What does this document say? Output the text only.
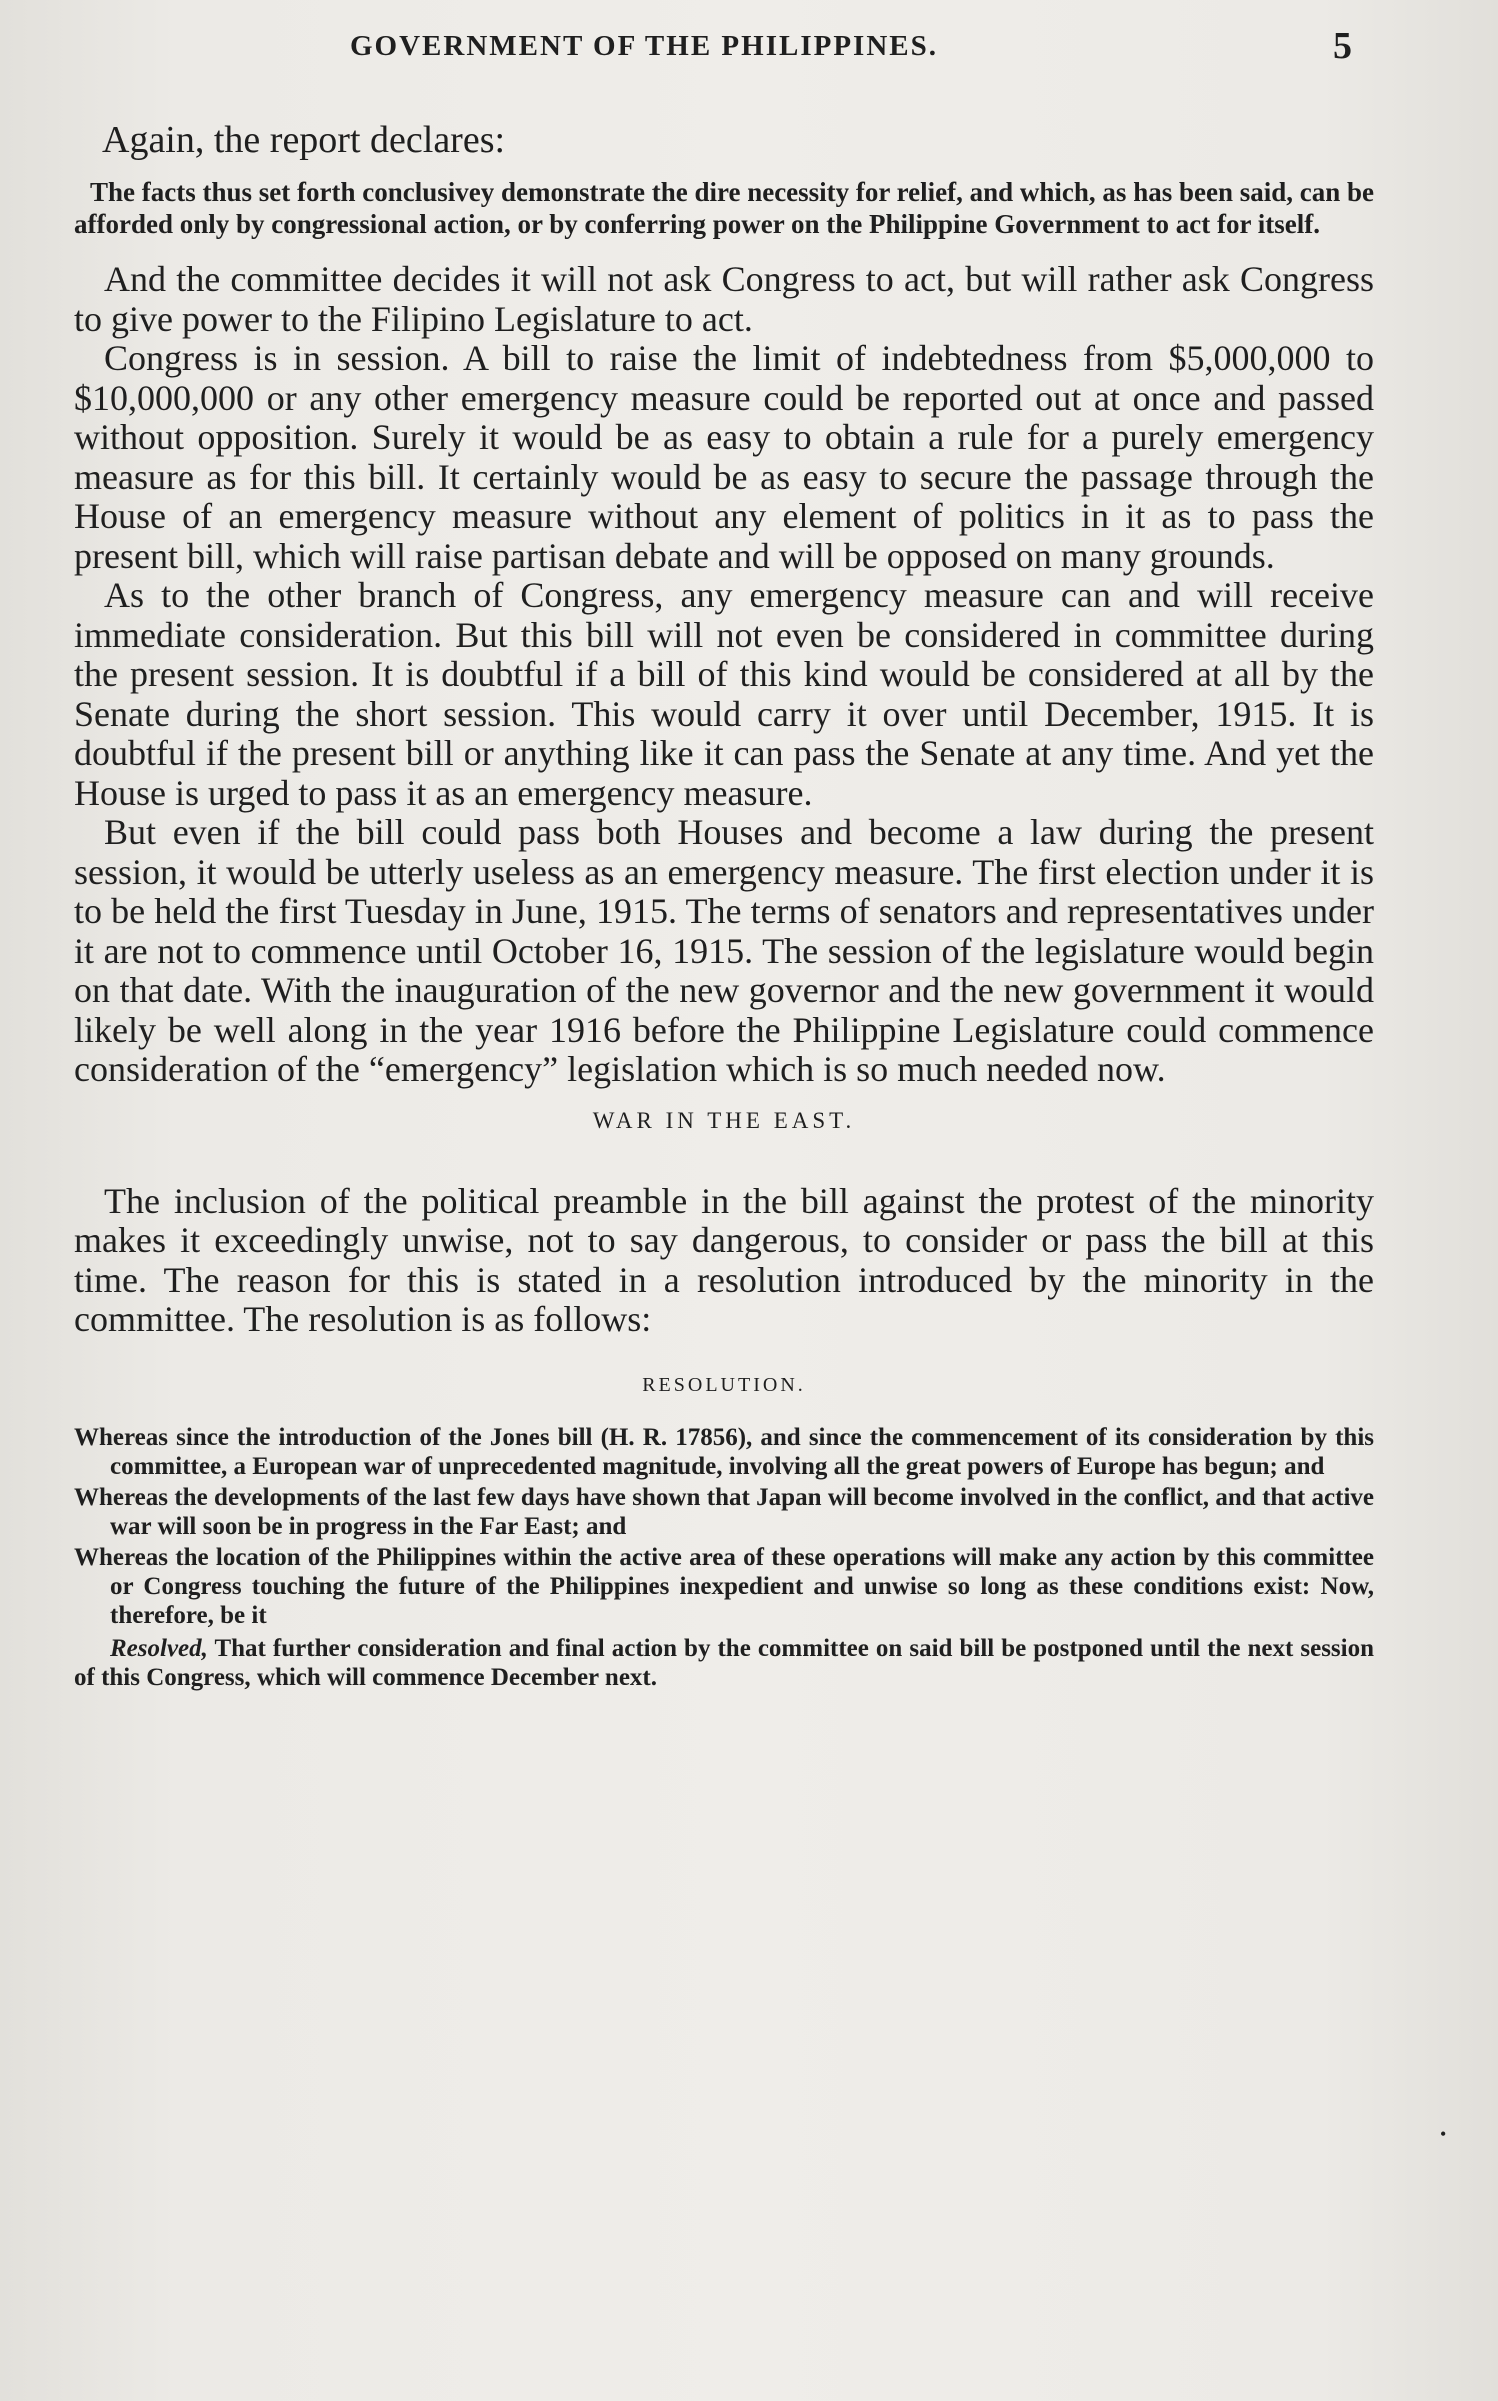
GOVERNMENT OF THE PHILIPPINES.	5

Again, the report declares:

The facts thus set forth conclusivey demonstrate the dire necessity for relief, and which, as has been said, can be afforded only by congressional action, or by conferring power on the Philippine Government to act for itself.

And the committee decides it will not ask Congress to act, but will rather ask Congress to give power to the Filipino Legislature to act.

Congress is in session. A bill to raise the limit of indebtedness from $5,000,000 to $10,000,000 or any other emergency measure could be reported out at once and passed without opposition. Surely it would be as easy to obtain a rule for a purely emergency measure as for this bill. It certainly would be as easy to secure the passage through the House of an emergency measure without any element of politics in it as to pass the present bill, which will raise partisan debate and will be opposed on many grounds.

As to the other branch of Congress, any emergency measure can and will receive immediate consideration. But this bill will not even be considered in committee during the present session. It is doubtful if a bill of this kind would be considered at all by the Senate during the short session. This would carry it over until December, 1915. It is doubtful if the present bill or anything like it can pass the Senate at any time. And yet the House is urged to pass it as an emergency measure.

But even if the bill could pass both Houses and become a law during the present session, it would be utterly useless as an emergency measure. The first election under it is to be held the first Tuesday in June, 1915. The terms of senators and representatives under it are not to commence until October 16, 1915. The session of the legislature would begin on that date. With the inauguration of the new governor and the new government it would likely be well along in the year 1916 before the Philippine Legislature could commence consideration of the “emergency” legislation which is so much needed now.

WAR IN THE EAST.

The inclusion of the political preamble in the bill against the protest of the minority makes it exceedingly unwise, not to say dangerous, to consider or pass the bill at this time. The reason for this is stated in a resolution introduced by the minority in the committee. The resolution is as follows:

RESOLUTION.

Whereas since the introduction of the Jones bill (H. R. 17856), and since the commencement of its consideration by this committee, a European war of unprecedented magnitude, involving all the great powers of Europe has begun; and

Whereas the developments of the last few days have shown that Japan will become involved in the conflict, and that active war will soon be in progress in the Far East; and

Whereas the location of the Philippines within the active area of these operations will make any action by this committee or Congress touching the future of the Philippines inexpedient and unwise so long as these conditions exist: Now, therefore, be it

Resolved, That further consideration and final action by the committee on said bill be postponed until the next session of this Congress, which will commence December next.

•
